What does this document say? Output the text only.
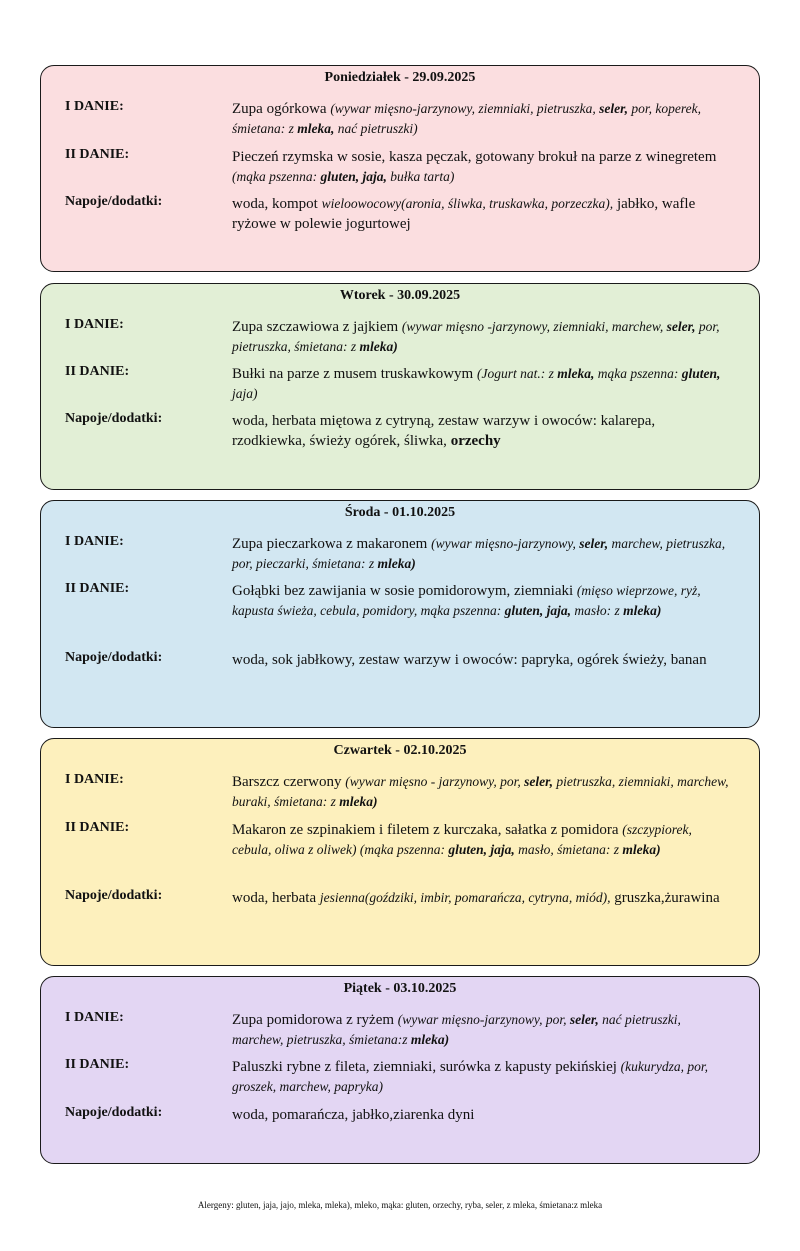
Poniedziałek - 29.09.2025
I DANIE:	Zupa ogórkowa (wywar mięsno-jarzynowy, ziemniaki, pietruszka, seler, por, koperek, śmietana: z mleka, nać pietruszki)
II DANIE:	Pieczeń rzymska w sosie, kasza pęczak, gotowany brokuł na parze z winegretem (mąka pszenna: gluten, jaja, bułka tarta)
Napoje/dodatki:	woda, kompot wieloowocowy(aronia, śliwka, truskawka, porzeczka), jabłko, wafle ryżowe w polewie jogurtowej
Wtorek - 30.09.2025
I DANIE:	Zupa szczawiowa z jajkiem (wywar mięsno -jarzynowy, ziemniaki, marchew, seler, por, pietruszka, śmietana: z mleka)
II DANIE:	Bułki na parze z musem truskawkowym (Jogurt nat.: z mleka, mąka pszenna: gluten, jaja)
Napoje/dodatki:	woda, herbata miętowa z cytryną, zestaw warzyw i owoców: kalarepa, rzodkiewka, świeży ogórek, śliwka, orzechy
Środa - 01.10.2025
I DANIE:	Zupa pieczarkowa z makaronem (wywar mięsno-jarzynowy, seler, marchew, pietruszka, por, pieczarki, śmietana: z mleka)
II DANIE:	Gołąbki bez zawijania w sosie pomidorowym, ziemniaki (mięso wieprzowe, ryż, kapusta świeża, cebula, pomidory, mąka pszenna: gluten, jaja, masło: z mleka)
Napoje/dodatki:	woda, sok jabłkowy, zestaw warzyw i owoców: papryka, ogórek świeży, banan
Czwartek - 02.10.2025
I DANIE:	Barszcz czerwony (wywar mięsno - jarzynowy, por, seler, pietruszka, ziemniaki, marchew, buraki, śmietana: z mleka)
II DANIE:	Makaron ze szpinakiem i filetem z kurczaka, sałatka z pomidora (szczypiorek, cebula, oliwa z oliwek) (mąka pszenna: gluten, jaja, masło, śmietana: z mleka)
Napoje/dodatki:	woda, herbata jesienna(goździki, imbir, pomarańcza, cytryna, miód), gruszka,żurawina
Piątek - 03.10.2025
I DANIE:	Zupa pomidorowa z ryżem (wywar mięsno-jarzynowy, por, seler, nać pietruszki, marchew, pietruszka, śmietana:z mleka)
II DANIE:	Paluszki rybne z fileta, ziemniaki, surówka z kapusty pekińskiej (kukurydza, por, groszek, marchew, papryka)
Napoje/dodatki:	woda, pomarańcza, jabłko,ziarenka dyni
Alergeny: gluten, jaja, jajo, mleka, mleka), mleko, mąka: gluten, orzechy, ryba, seler, z mleka, śmietana:z mleka
